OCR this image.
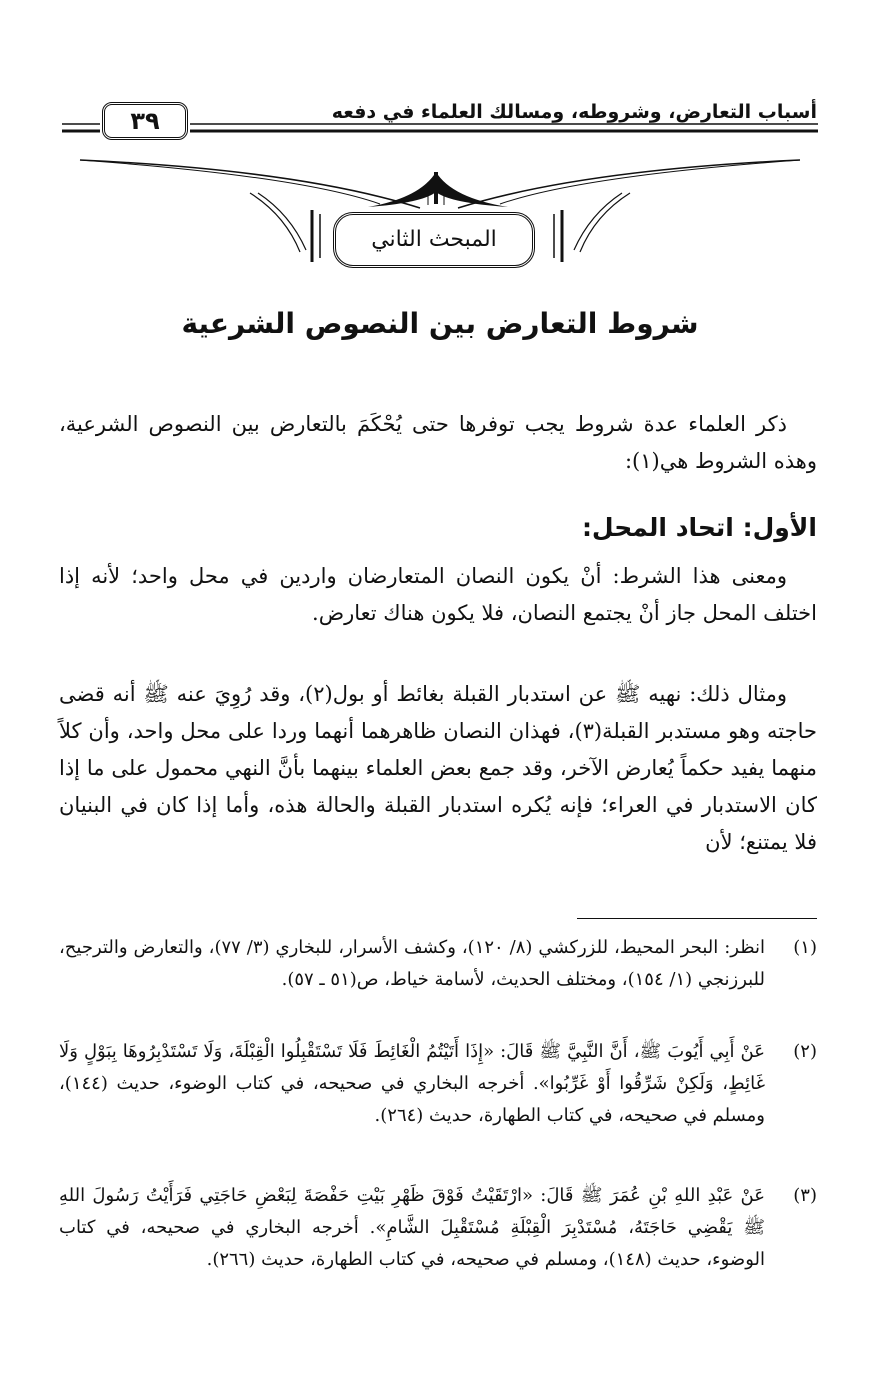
أسباب التعارض، وشروطه، ومسالك العلماء في دفعه
٣٩
المبحث الثاني
شروط التعارض بين النصوص الشرعية
ذكر العلماء عدة شروط يجب توفرها حتى يُحْكَمَ بالتعارض بين النصوص الشرعية، وهذه الشروط هي(١):
الأول: اتحاد المحل:
ومعنى هذا الشرط: أنْ يكون النصان المتعارضان واردين في محل واحد؛ لأنه إذا اختلف المحل جاز أنْ يجتمع النصان، فلا يكون هناك تعارض.
ومثال ذلك: نهيه ﷺ عن استدبار القبلة بغائط أو بول(٢)، وقد رُوِيَ عنه ﷺ أنه قضى حاجته وهو مستدبر القبلة(٣)، فهذان النصان ظاهرهما أنهما وردا على محل واحد، وأن كلاً منهما يفيد حكماً يُعارض الآخر، وقد جمع بعض العلماء بينهما بأنَّ النهي محمول على ما إذا كان الاستدبار في العراء؛ فإنه يُكره استدبار القبلة والحالة هذه، وأما إذا كان في البنيان فلا يمتنع؛ لأن
(١)
انظر: البحر المحيط، للزركشي (٨/ ١٢٠)، وكشف الأسرار، للبخاري (٣/ ٧٧)، والتعارض والترجيح، للبرزنجي (١/ ١٥٤)، ومختلف الحديث، لأسامة خياط، ص(٥١ ـ ٥٧).
(٢)
عَنْ أَبِي أَيُوبَ ﷺ، أَنَّ النَّبِيَّ ﷺ قَالَ: «إِذَا أَتَيْتُمُ الْغَائِطَ فَلَا تَسْتَقْبِلُوا الْقِبْلَةَ، وَلَا تَسْتَدْبِرُوهَا بِبَوْلٍ وَلَا غَائِطٍ، وَلَكِنْ شَرِّقُوا أَوْ غَرِّبُوا». أخرجه البخاري في صحيحه، في كتاب الوضوء، حديث (١٤٤)، ومسلم في صحيحه، في كتاب الطهارة، حديث (٢٦٤).
(٣)
عَنْ عَبْدِ اللهِ بْنِ عُمَرَ ﷺ قَالَ: «ارْتَقَيْتُ فَوْقَ ظَهْرِ بَيْتِ حَفْصَةَ لِبَعْضِ حَاجَتِي فَرَأَيْتُ رَسُولَ اللهِ ﷺ يَقْضِي حَاجَتَهُ، مُسْتَدْبِرَ الْقِبْلَةِ مُسْتَقْبِلَ الشَّامِ». أخرجه البخاري في صحيحه، في كتاب الوضوء، حديث (١٤٨)، ومسلم في صحيحه، في كتاب الطهارة، حديث (٢٦٦).
